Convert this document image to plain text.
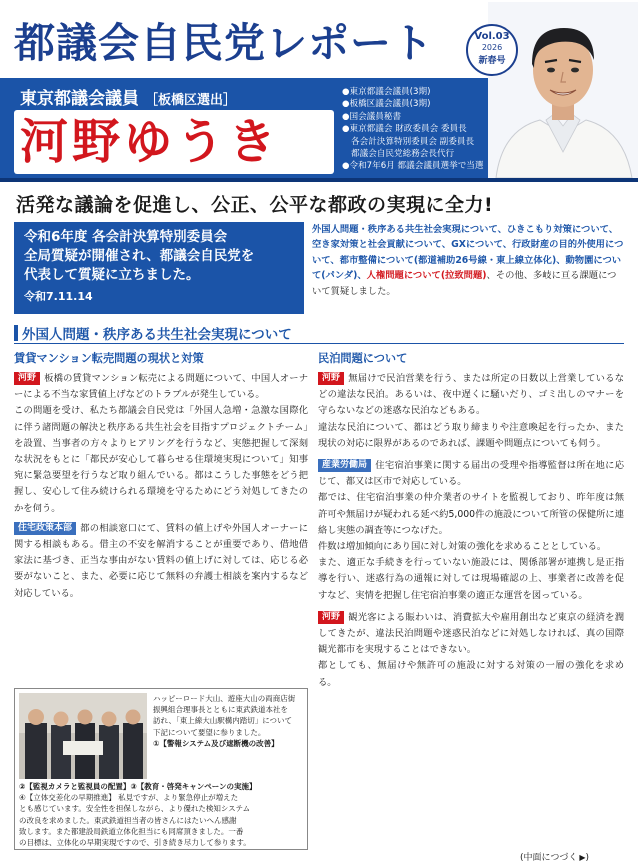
都議会自民党レポート	Vol.03
2026
新春号
東京都議会議員 ［板橋区選出］
河野ゆうき
●東京都議会議員(3期)
●板橋区議会議員(3期)
●国会議員秘書
●東京都議会 財政委員会 委員長
各会計決算特別委員会 副委員長
都議会自民党総務会長代行
●令和7年6月 都議会議員選挙で当選
活発な議論を促進し、公正、公平な都政の実現に全力!
令和6年度 各会計決算特別委員会
全局質疑が開催され、都議会自民党を
代表して質疑に立ちました。
令和7.11.14
外国人問題・秩序ある共生社会実現について、ひきこもり対策について、空き家対策と社会貢献について、GXについて、行政財産の目的外使用について、都市整備について(都道補助26号線・東上線立体化)、動物園について(パンダ)、人権問題について(拉致問題)、その他、多岐に亘る課題について質疑しました。
外国人問題・秩序ある共生社会実現について
賃貸マンション転売問題の現状と対策

河野 板橋の賃貸マンション転売による問題について、中国人オーナーによる不当な家賃値上げなどのトラブルが発生している。

この問題を受け、私たち都議会自民党は「外国人急増・急激な国際化に伴う諸問題の解決と秩序ある共生社会を目指すプロジェクトチーム」を設置、当事者の方々よりヒアリングを行うなど、実態把握して深刻な状況をもとに「都民が安心して暮らせる住環境実現について」知事宛に緊急要望を行うなど取り組んでいる。都はこうした事態をどう把握し、安心して住み続けられる環境を守るためにどう対処してきたのかを伺う。

住宅政策本部 都の相談窓口にて、賃料の値上げや外国人オーナーに関する相談もある。借主の不安を解消することが重要であり、借地借家法に基づき、正当な事由がない賃料の値上げに対しては、応じる必要がないこと、また、必要に応じて無料の弁護士相談を案内するなど対応している。

ハッピーロード大山、遊座大山の両商店街
振興組合理事長とともに東武鉄道本社を
訪れ、「東上線大山駅構内踏切」について
下記について要望に参りました。
①【警報システム及び遮断機の改善】
②【監視カメラと監視員の配置】③【教育・啓発キャンペーンの実施】
④【立体交差化の早期推進】 私見ですが、より緊急停止が増えた
とも感じています。安全性を担保しながら、より優れた検知システム
の改良を求めました。東武鉄道担当者の皆さんにはたいへん感謝
致します。また都建設局鉄道立体化担当にも同席頂きました。一番
の目標は、立体化の早期実現ですので、引き続き尽力して参ります。
民泊問題について

河野 無届けで民泊営業を行う、または所定の日数以上営業しているなどの違法な民泊。あるいは、夜中遅くに騒いだり、ゴミ出しのマナーを守らないなどの迷惑な民泊などもある。

違法な民泊について、都はどう取り締まりや注意喚起を行ったか、また現状の対応に限界があるのであれば、課題や問題点についても伺う。

産業労働局 住宅宿泊事業に関する届出の受理や指導監督は所在地に応じて、都又は区市で対応している。

都では、住宅宿泊事業の仲介業者のサイトを監視しており、昨年度は無許可や無届けが疑われる延べ約5,000件の施設について所管の保健所に連絡し実態の調査等につなげた。

件数は増加傾向にあり国に対し対策の強化を求めることとしている。

また、適正な手続きを行っていない施設には、関係部署が連携し是正指導を行い、迷惑行為の通報に対しては現場確認の上、事業者に改善を促すなど、実情を把握し住宅宿泊事業の適正な運営を図っている。

河野 観光客による賑わいは、消費拡大や雇用創出など東京の経済を潤してきたが、違法民泊問題や迷惑民泊などに対処しなければ、真の国際観光都市を実現することはできない。

都としても、無届けや無許可の施設に対する対策の一層の強化を求める。

(中面につづく ▶)
